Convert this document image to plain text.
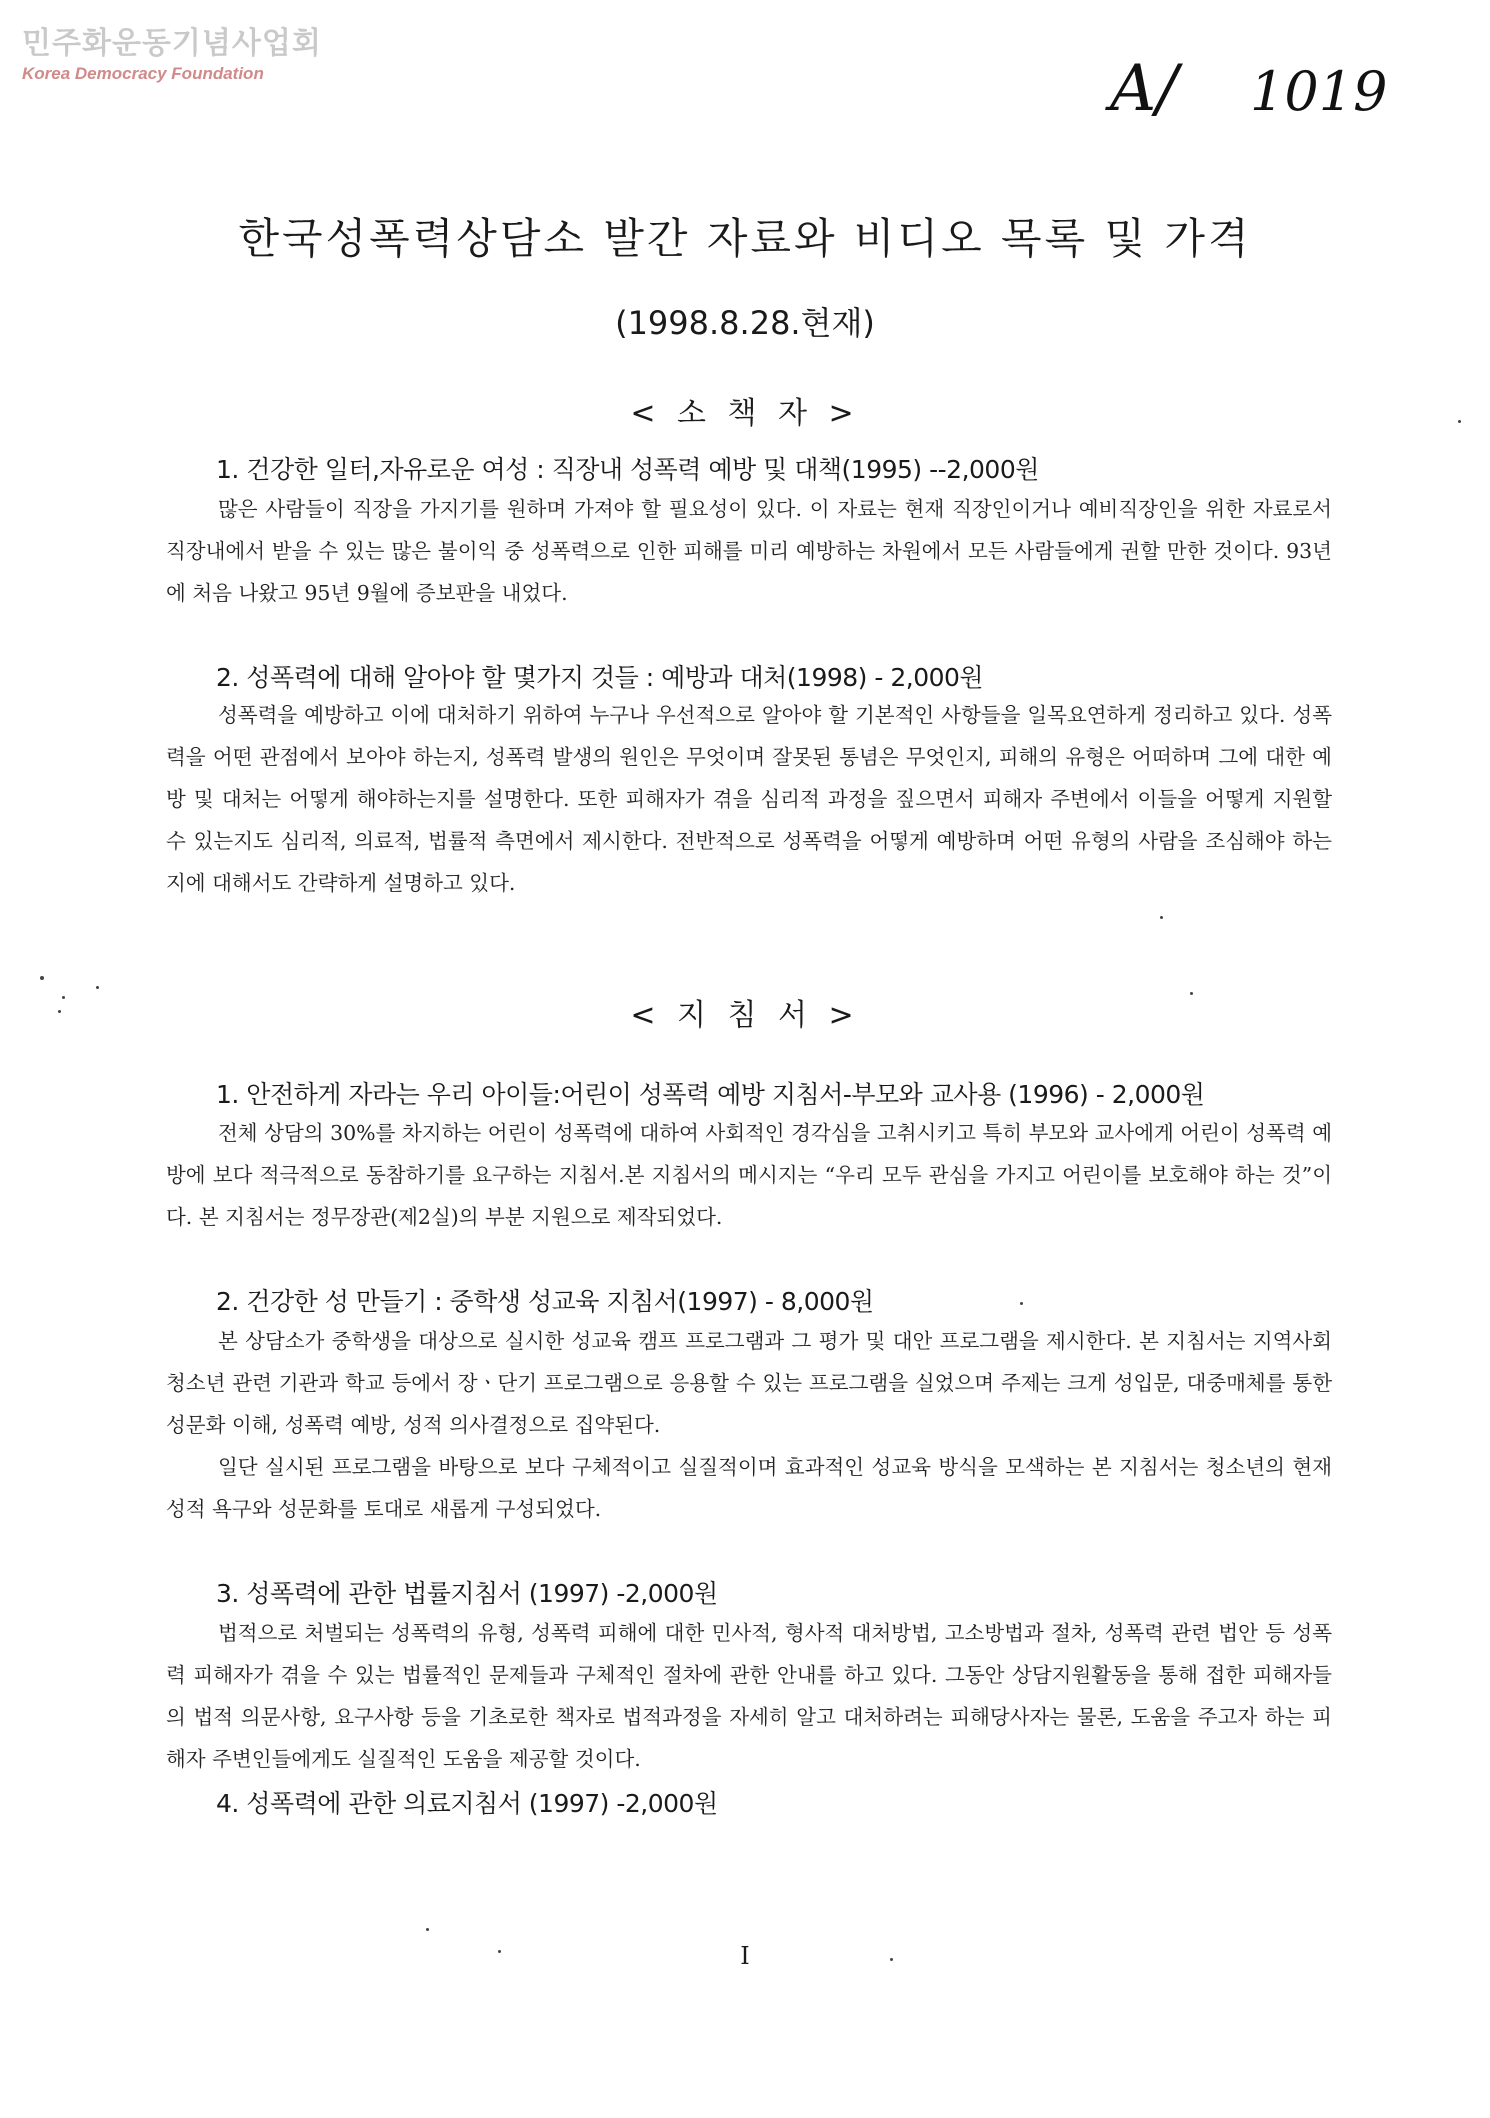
민주화운동기념사업회
Korea Democracy Foundation	A/ 1019
한국성폭력상담소 발간 자료와 비디오 목록 및 가격
(1998.8.28.현재)
< 소 책 자 >
1. 건강한 일터,자유로운 여성 : 직장내 성폭력 예방 및 대책(1995) --2,000원

많은 사람들이 직장을 가지기를 원하며 가져야 할 필요성이 있다. 이 자료는 현재 직장인이거나 예비직장인을 위한 자료로서 직장내에서 받을 수 있는 많은 불이익 중 성폭력으로 인한 피해를 미리 예방하는 차원에서 모든 사람들에게 권할 만한 것이다. 93년에 처음 나왔고 95년 9월에 증보판을 내었다.

2. 성폭력에 대해 알아야 할 몇가지 것들 : 예방과 대처(1998) - 2,000원

성폭력을 예방하고 이에 대처하기 위하여 누구나 우선적으로 알아야 할 기본적인 사항들을 일목요연하게 정리하고 있다. 성폭력을 어떤 관점에서 보아야 하는지, 성폭력 발생의 원인은 무엇이며 잘못된 통념은 무엇인지, 피해의 유형은 어떠하며 그에 대한 예방 및 대처는 어떻게 해야하는지를 설명한다. 또한 피해자가 겪을 심리적 과정을 짚으면서 피해자 주변에서 이들을 어떻게 지원할 수 있는지도 심리적, 의료적, 법률적 측면에서 제시한다. 전반적으로 성폭력을 어떻게 예방하며 어떤 유형의 사람을 조심해야 하는지에 대해서도 간략하게 설명하고 있다.

< 지 침 서 >
1. 안전하게 자라는 우리 아이들:어린이 성폭력 예방 지침서-부모와 교사용 (1996) - 2,000원

전체 상담의 30%를 차지하는 어린이 성폭력에 대하여 사회적인 경각심을 고취시키고 특히 부모와 교사에게 어린이 성폭력 예방에 보다 적극적으로 동참하기를 요구하는 지침서.본 지침서의 메시지는 “우리 모두 관심을 가지고 어린이를 보호해야 하는 것”이다. 본 지침서는 정무장관(제2실)의 부분 지원으로 제작되었다.

2. 건강한 성 만들기 : 중학생 성교육 지침서(1997) - 8,000원

본 상담소가 중학생을 대상으로 실시한 성교육 캠프 프로그램과 그 평가 및 대안 프로그램을 제시한다. 본 지침서는 지역사회 청소년 관련 기관과 학교 등에서 장ㆍ단기 프로그램으로 응용할 수 있는 프로그램을 실었으며 주제는 크게 성입문, 대중매체를 통한 성문화 이해, 성폭력 예방, 성적 의사결정으로 집약된다.

일단 실시된 프로그램을 바탕으로 보다 구체적이고 실질적이며 효과적인 성교육 방식을 모색하는 본 지침서는 청소년의 현재 성적 욕구와 성문화를 토대로 새롭게 구성되었다.

3. 성폭력에 관한 법률지침서 (1997) -2,000원

법적으로 처벌되는 성폭력의 유형, 성폭력 피해에 대한 민사적, 형사적 대처방법, 고소방법과 절차, 성폭력 관련 법안 등 성폭력 피해자가 겪을 수 있는 법률적인 문제들과 구체적인 절차에 관한 안내를 하고 있다. 그동안 상담지원활동을 통해 접한 피해자들의 법적 의문사항, 요구사항 등을 기초로한 책자로 법적과정을 자세히 알고 대처하려는 피해당사자는 물론, 도움을 주고자 하는 피해자 주변인들에게도 실질적인 도움을 제공할 것이다.

4. 성폭력에 관한 의료지침서 (1997) -2,000원
I
